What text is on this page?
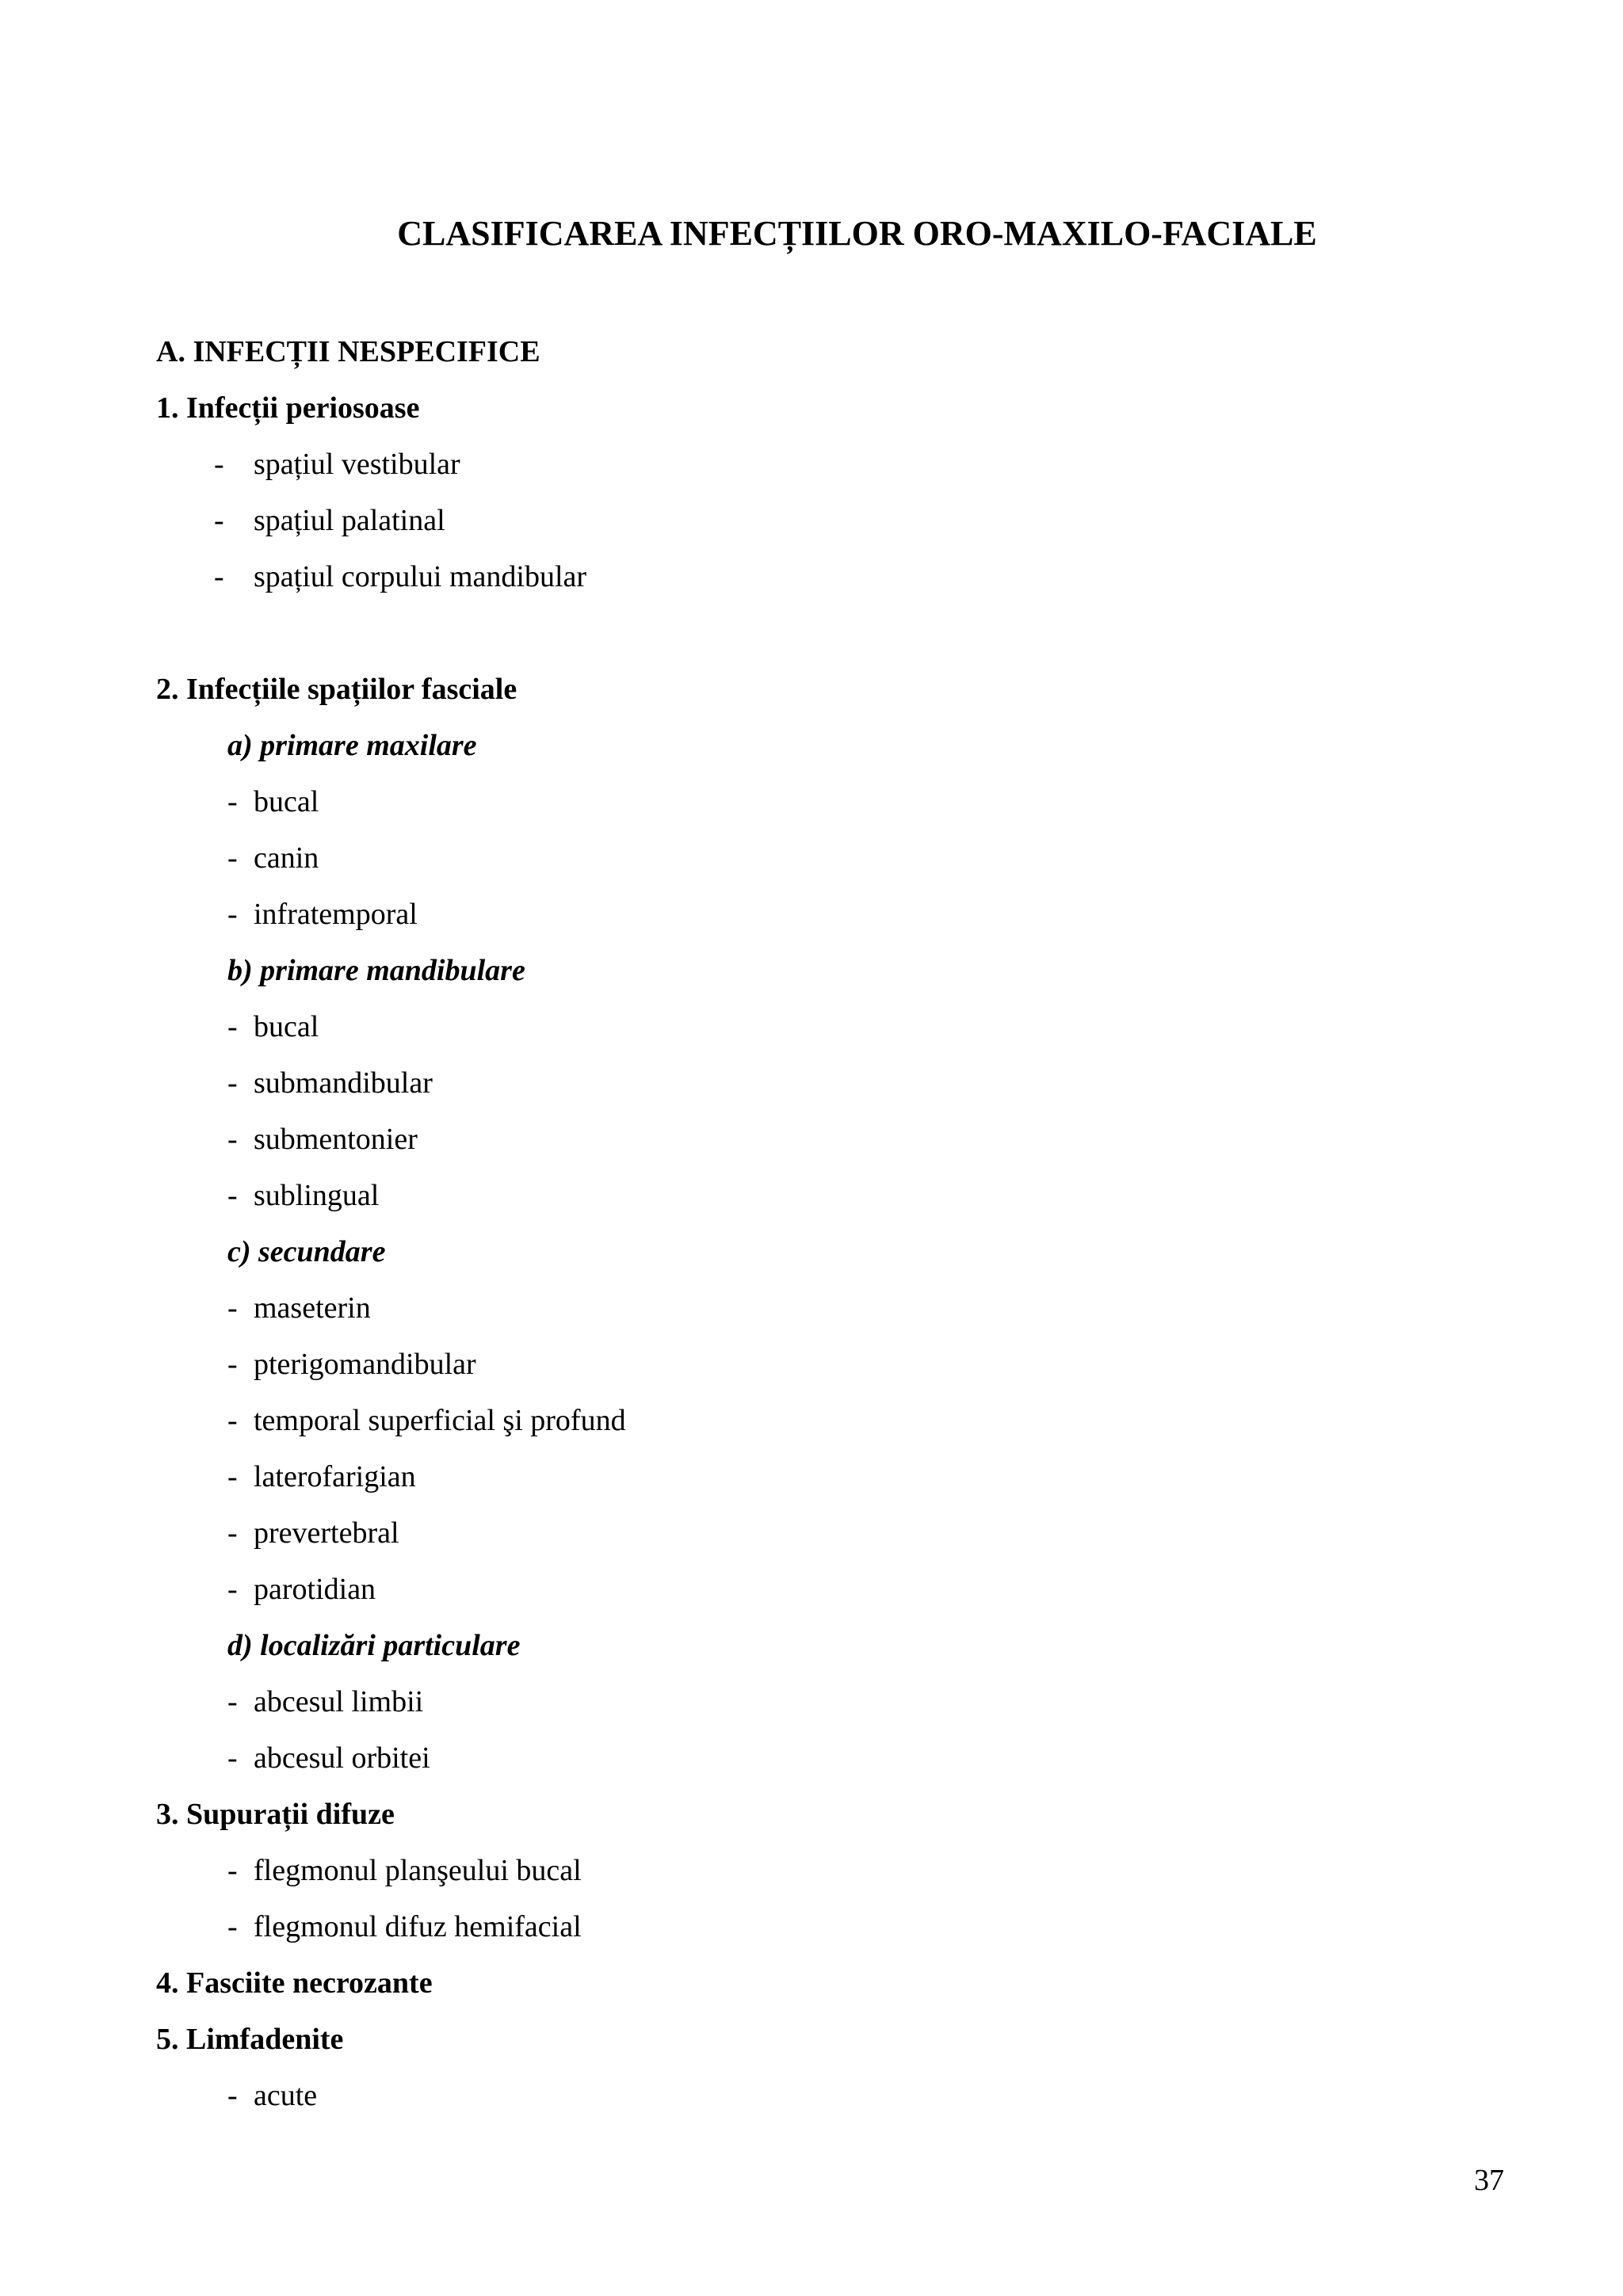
CLASIFICAREA INFECȚIILOR ORO-MAXILO-FACIALE
A. INFECȚII NESPECIFICE
1. Infecții periosoase
- spațiul vestibular
- spațiul palatinal
- spațiul corpului mandibular
2. Infecțiile spațiilor fasciale
a) primare maxilare
- bucal
- canin
- infratemporal
b) primare mandibulare
- bucal
- submandibular
- submentonier
- sublingual
c) secundare
- maseterin
- pterigomandibular
- temporal superficial şi profund
- laterofarigian
- prevertebral
- parotidian
d) localizări particulare
- abcesul limbii
- abcesul orbitei
3. Supurații difuze
- flegmonul planşeului bucal
- flegmonul difuz hemifacial
4. Fasciite necrozante
5. Limfadenite
- acute
37
